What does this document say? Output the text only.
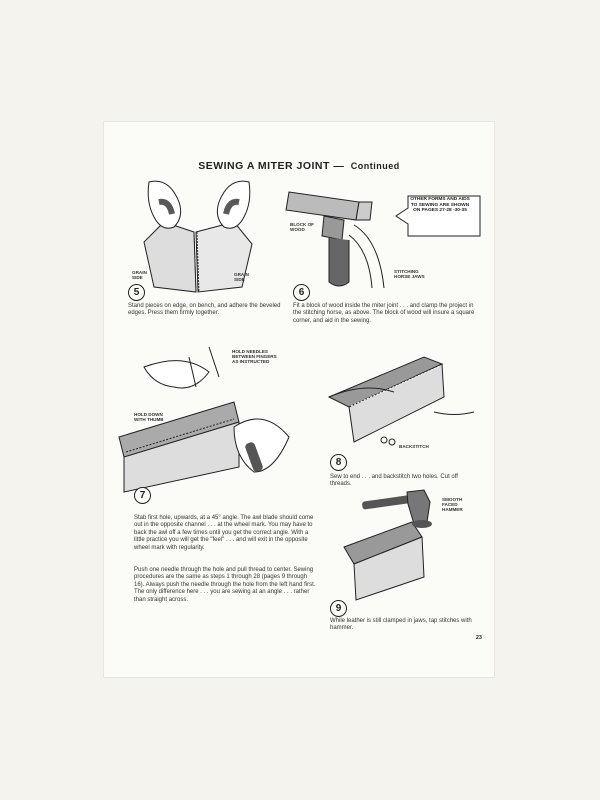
SEWING A MITER JOINT — Continued
GRAIN SIDE
GRAIN SIDE
5
Stand pieces on edge, on bench, and adhere the beveled edges. Press them firmly together.
BLOCK OF WOOD
STITCHING HORSE JAWS
OTHER FORMS AND AIDS TO SEWING ARE SHOWN ON PAGES 27-28 -30-35
6
Fit a block of wood inside the miter joint . . . and clamp the project in the stitching horse, as above. The block of wood will insure a square corner, and aid in the sewing.
HOLD NEEDLES BETWEEN FINGERS AS INSTRUCTED
HOLD DOWN WITH THUMB
7
Stab first hole, upwards, at a 45° angle. The awl blade should come out in the opposite channel . . . at the wheel mark. You may have to back the awl off a few times until you get the correct angle. With a little practice you will get the "feel" . . . and will exit in the opposite wheel mark with regularity.
Push one needle through the hole and pull thread to center. Sewing procedures are the same as steps 1 through 28 (pages 9 through 16). Always push the needle through the hole from the left hand first. The only difference here . . . you are sewing at an angle . . . rather than straight across.
BACKSTITCH
8
Sew to end . . . and backstitch two holes. Cut off threads.
SMOOTH FACED HAMMER
9
While leather is still clamped in jaws, tap stitches with hammer.
23
